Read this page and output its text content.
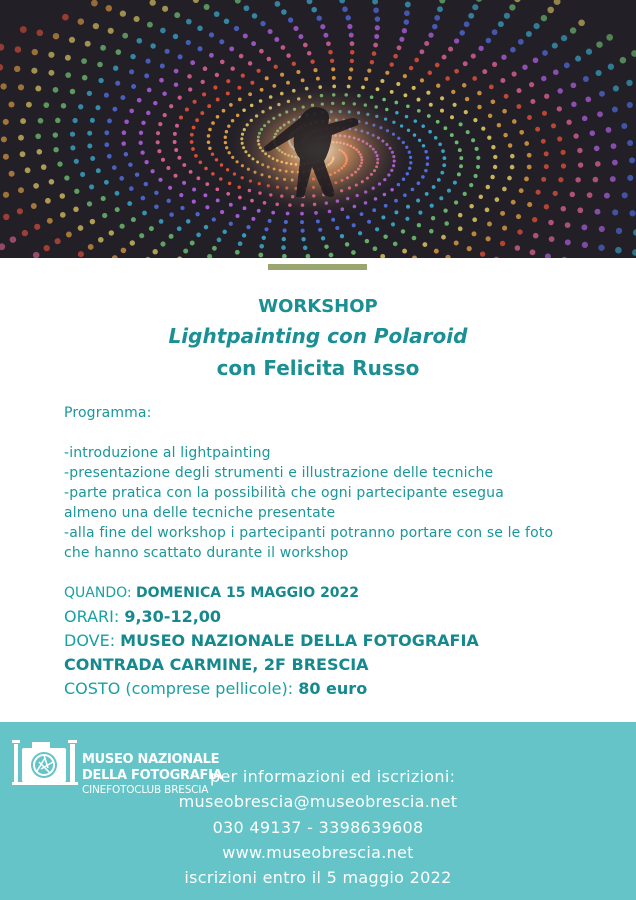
WORKSHOP
Lightpainting con Polaroid
con Felicita Russo
Programma:
-introduzione al lightpainting
-presentazione degli strumenti e illustrazione delle tecniche
-parte pratica con la possibilità che ogni partecipante esegua
almeno una delle tecniche presentate
-alla fine del workshop i partecipanti potranno portare con se le foto
che hanno scattato durante il workshop
QUANDO: DOMENICA 15 MAGGIO 2022
ORARI: 9,30-12,00
DOVE: MUSEO NAZIONALE DELLA FOTOGRAFIA
CONTRADA CARMINE, 2F BRESCIA
COSTO (comprese pellicole): 80 euro
MUSEO NAZIONALE
DELLA FOTOGRAFIA
CINEFOTOCLUB BRESCIA
per informazioni ed iscrizioni:
museobrescia@museobrescia.net
030 49137 - 3398639608
www.museobrescia.net
iscrizioni entro il 5 maggio 2022
